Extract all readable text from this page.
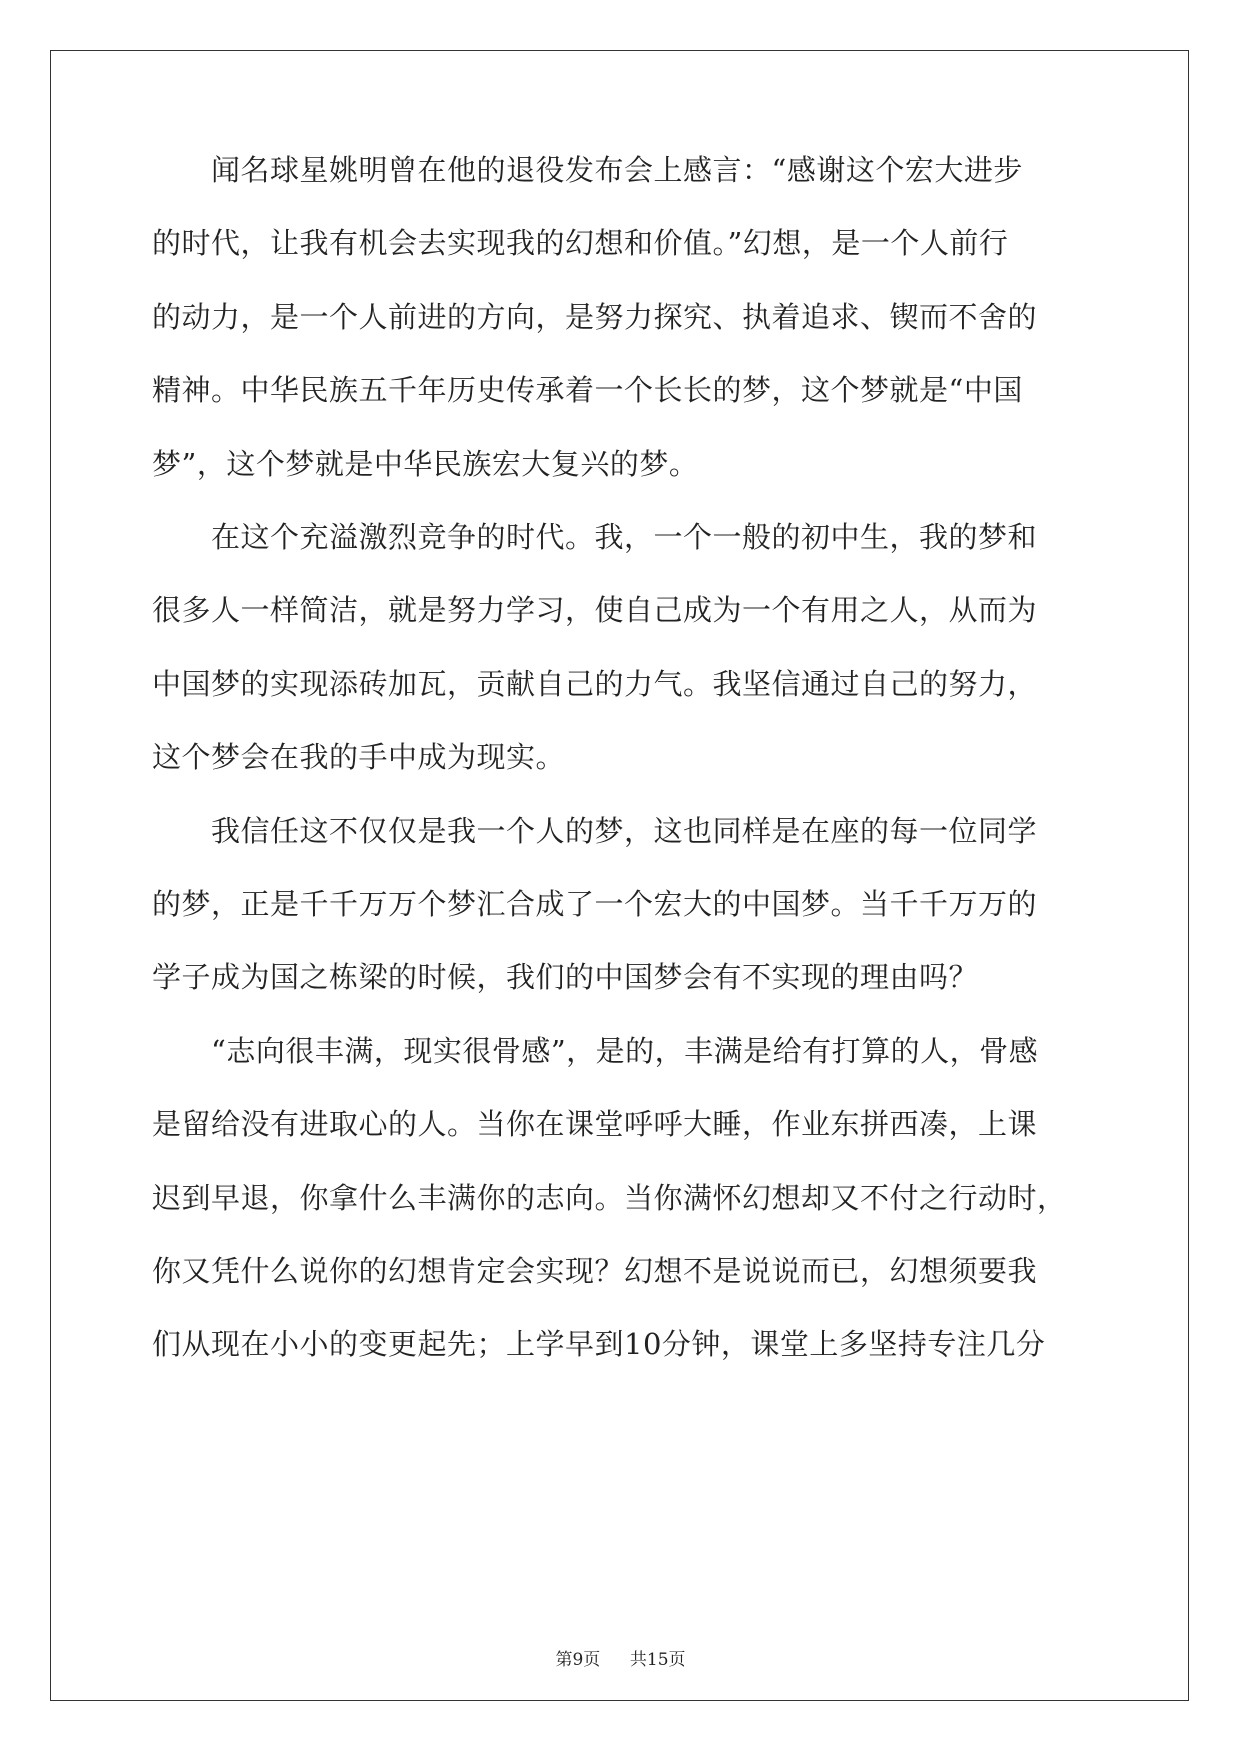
闻名球星姚明曾在他的退役发布会上感言：“感谢这个宏大进步
的时代，让我有机会去实现我的幻想和价值。”幻想，是一个人前行
的动力，是一个人前进的方向，是努力探究、执着追求、锲而不舍的
精神。中华民族五千年历史传承着一个长长的梦，这个梦就是“中国
梦”，这个梦就是中华民族宏大复兴的梦。
在这个充溢激烈竞争的时代。我，一个一般的初中生，我的梦和
很多人一样简洁，就是努力学习，使自己成为一个有用之人，从而为
中国梦的实现添砖加瓦，贡献自己的力气。我坚信通过自己的努力，
这个梦会在我的手中成为现实。
我信任这不仅仅是我一个人的梦，这也同样是在座的每一位同学
的梦，正是千千万万个梦汇合成了一个宏大的中国梦。当千千万万的
学子成为国之栋梁的时候，我们的中国梦会有不实现的理由吗？
“志向很丰满，现实很骨感”，是的，丰满是给有打算的人，骨感
是留给没有进取心的人。当你在课堂呼呼大睡，作业东拼西凑，上课
迟到早退，你拿什么丰满你的志向。当你满怀幻想却又不付之行动时，
你又凭什么说你的幻想肯定会实现？幻想不是说说而已，幻想须要我
们从现在小小的变更起先；上学早到10分钟，课堂上多坚持专注几分
第9页 共15页
